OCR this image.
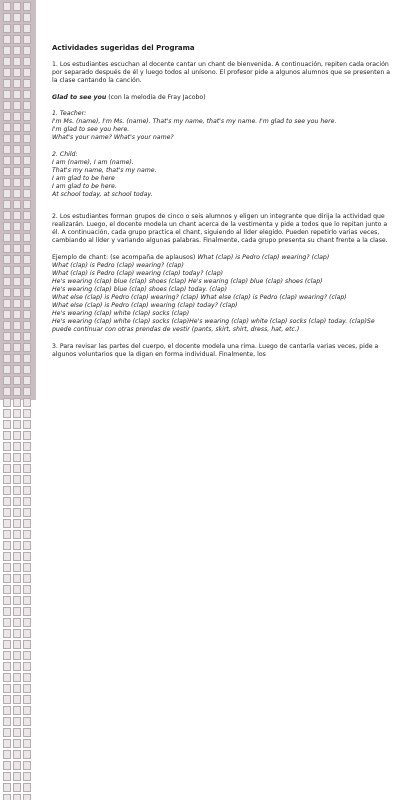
Actividades sugeridas del Programa

1. Los estudiantes escuchan al docente cantar un chant de bienvenida. A continuación, repiten cada oración por separado después de él y luego todos al unísono. El profesor pide a algunos alumnos que se presenten a la clase cantando la canción.

Glad to see you (con la melodía de Fray Jacobo)
1. Teacher:
I'm Ms. (name), I'm Ms. (name). That's my name, that's my name. I'm glad to see you here.
I'm glad to see you here.
What's your name? What's your name?
2. Child:
I am (name), I am (name).
That's my name, that's my name.
I am glad to be here
I am glad to be here.
At school today, at school today.

2. Los estudiantes forman grupos de cinco o seis alumnos y eligen un integrante que dirija la actividad que realizarán. Luego, el docente modela un chant acerca de la vestimenta y pide a todos que lo repitan junto a él. A continuación, cada grupo practica el chant, siguiendo al líder elegido. Pueden repetirlo varias veces, cambiando al líder y variando algunas palabras. Finalmente, cada grupo presenta su chant frente a la clase.

Ejemplo de chant: (se acompaña de aplausos) What (clap) is Pedro (clap) wearing? (clap)
What (clap) is Pedro (clap) wearing? (clap)
What (clap) is Pedro (clap) wearing (clap) today? (clap)
He's wearing (clap) blue (clap) shoes (clap) He's wearing (clap) blue (clap) shoes (clap)
He's wearing (clap) blue (clap) shoes (clap) today. (clap)
What else (clap) is Pedro (clap) wearing? (clap) What else (clap) is Pedro (clap) wearing? (clap)
What else (clap) is Pedro (clap) wearing (clap) today? (clap)
He's wearing (clap) white (clap) socks (clap)
He's wearing (clap) white (clap) socks (clap)He's wearing (clap) white (clap) socks (clap) today. (clap)Se puede continuar con otras prendas de vestir (pants, skirt, shirt, dress, hat, etc.)

3. Para revisar las partes del cuerpo, el docente modela una rima. Luego de cantarla varias veces, pide a algunos voluntarios que la digan en forma individual. Finalmente, los
